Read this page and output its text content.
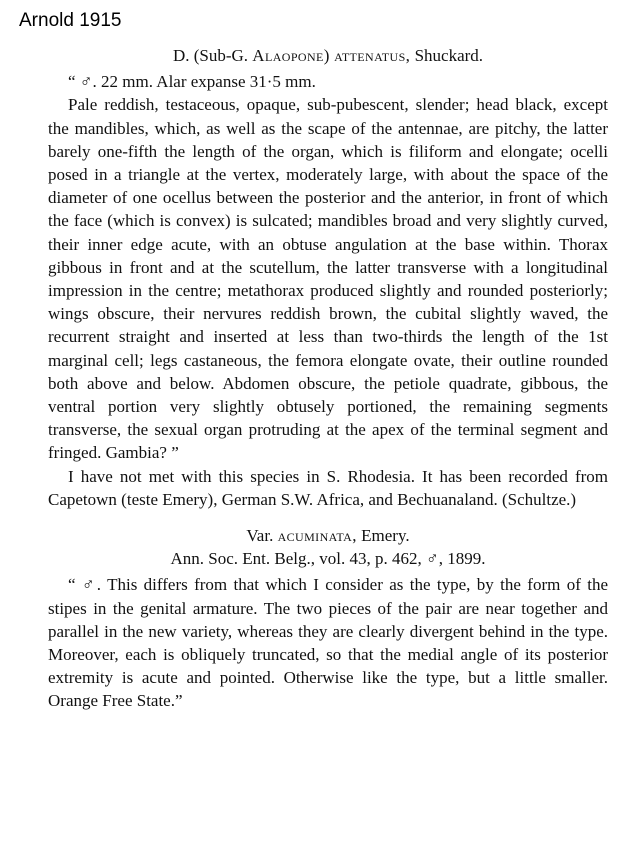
Arnold 1915
D. (Sub-G. Alaopone) attenatus, Shuckard.

“ ♂. 22 mm. Alar expanse 31·5 mm.

Pale reddish, testaceous, opaque, sub-pubescent, slender; head black, except the mandibles, which, as well as the scape of the antennae, are pitchy, the latter barely one-fifth the length of the organ, which is filiform and elongate; ocelli posed in a triangle at the vertex, moderately large, with about the space of the diameter of one ocellus between the posterior and the anterior, in front of which the face (which is convex) is sulcated; mandibles broad and very slightly curved, their inner edge acute, with an obtuse angulation at the base within. Thorax gibbous in front and at the scutellum, the latter transverse with a longitudinal impression in the centre; metathorax produced slightly and rounded posteriorly; wings obscure, their nervures reddish brown, the cubital slightly waved, the recurrent straight and inserted at less than two-thirds the length of the 1st marginal cell; legs castaneous, the femora elongate ovate, their outline rounded both above and below. Abdomen obscure, the petiole quadrate, gibbous, the ventral portion very slightly obtusely portioned, the remaining segments transverse, the sexual organ protruding at the apex of the terminal segment and fringed. Gambia? ”

I have not met with this species in S. Rhodesia. It has been recorded from Capetown (teste Emery), German S.W. Africa, and Bechuanaland. (Schultze.)

Var. acuminata, Emery.
Ann. Soc. Ent. Belg., vol. 43, p. 462, ♂, 1899.

“ ♂. This differs from that which I consider as the type, by the form of the stipes in the genital armature. The two pieces of the pair are near together and parallel in the new variety, whereas they are clearly divergent behind in the type. Moreover, each is obliquely truncated, so that the medial angle of its posterior extremity is acute and pointed. Otherwise like the type, but a little smaller. Orange Free State.”
